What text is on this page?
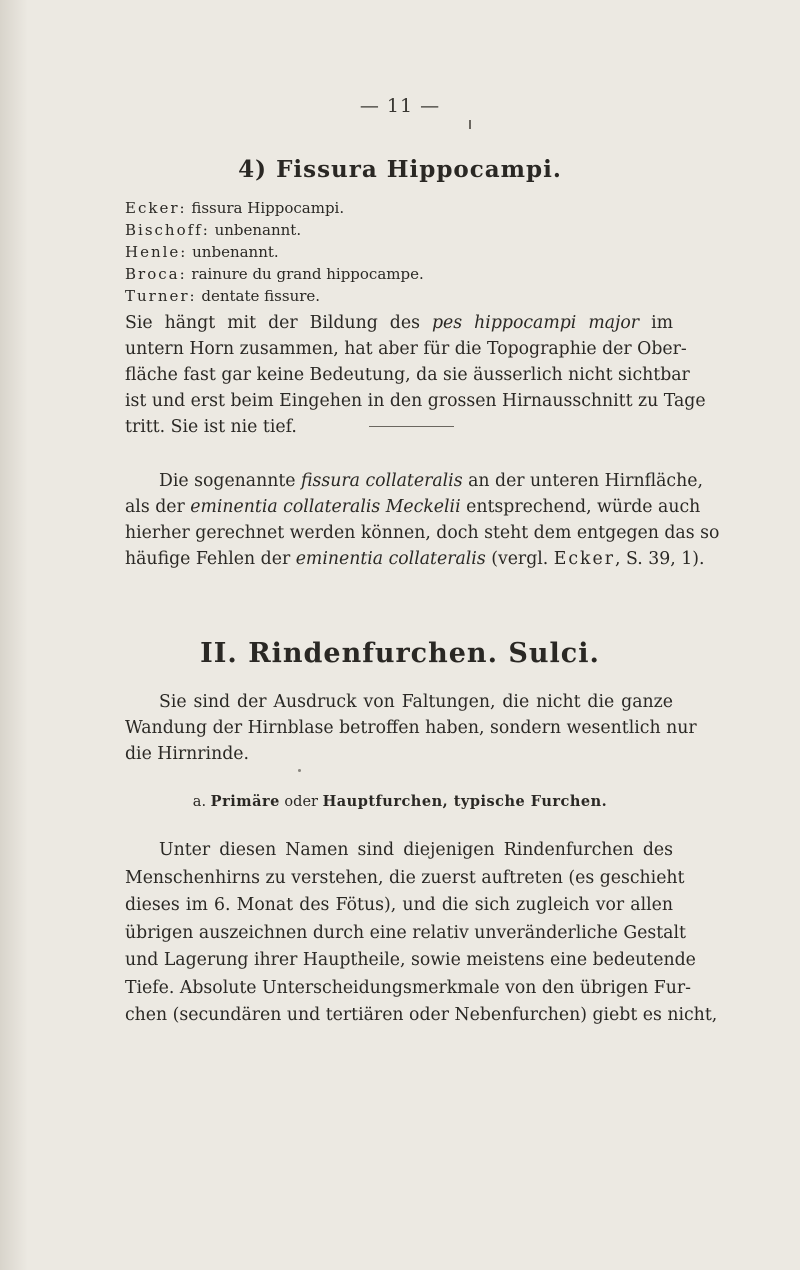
— 11 —
4) Fissura Hippocampi.
Ecker: fissura Hippocampi.
Bischoff: unbenannt.
Henle: unbenannt.
Broca: rainure du grand hippocampe.
Turner: dentate fissure.
Sie hängt mit der Bildung des pes hippocampi major im
untern Horn zusammen, hat aber für die Topographie der Ober-
fläche fast gar keine Bedeutung, da sie äusserlich nicht sichtbar
ist und erst beim Eingehen in den grossen Hirnausschnitt zu Tage
tritt. Sie ist nie tief.
Die sogenannte fissura collateralis an der unteren Hirnfläche,
als der eminentia collateralis Meckelii entsprechend, würde auch
hierher gerechnet werden können, doch steht dem entgegen das so
häufige Fehlen der eminentia collateralis (vergl. Ecker, S. 39, 1).
II. Rindenfurchen. Sulci.
Sie sind der Ausdruck von Faltungen, die nicht die ganze
Wandung der Hirnblase betroffen haben, sondern wesentlich nur
die Hirnrinde.
a. Primäre oder Hauptfurchen, typische Furchen.
Unter diesen Namen sind diejenigen Rindenfurchen des
Menschenhirns zu verstehen, die zuerst auftreten (es geschieht
dieses im 6. Monat des Fötus), und die sich zugleich vor allen
übrigen auszeichnen durch eine relativ unveränderliche Gestalt
und Lagerung ihrer Hauptheile, sowie meistens eine bedeutende
Tiefe. Absolute Unterscheidungsmerkmale von den übrigen Fur-
chen (secundären und tertiären oder Nebenfurchen) giebt es nicht,
